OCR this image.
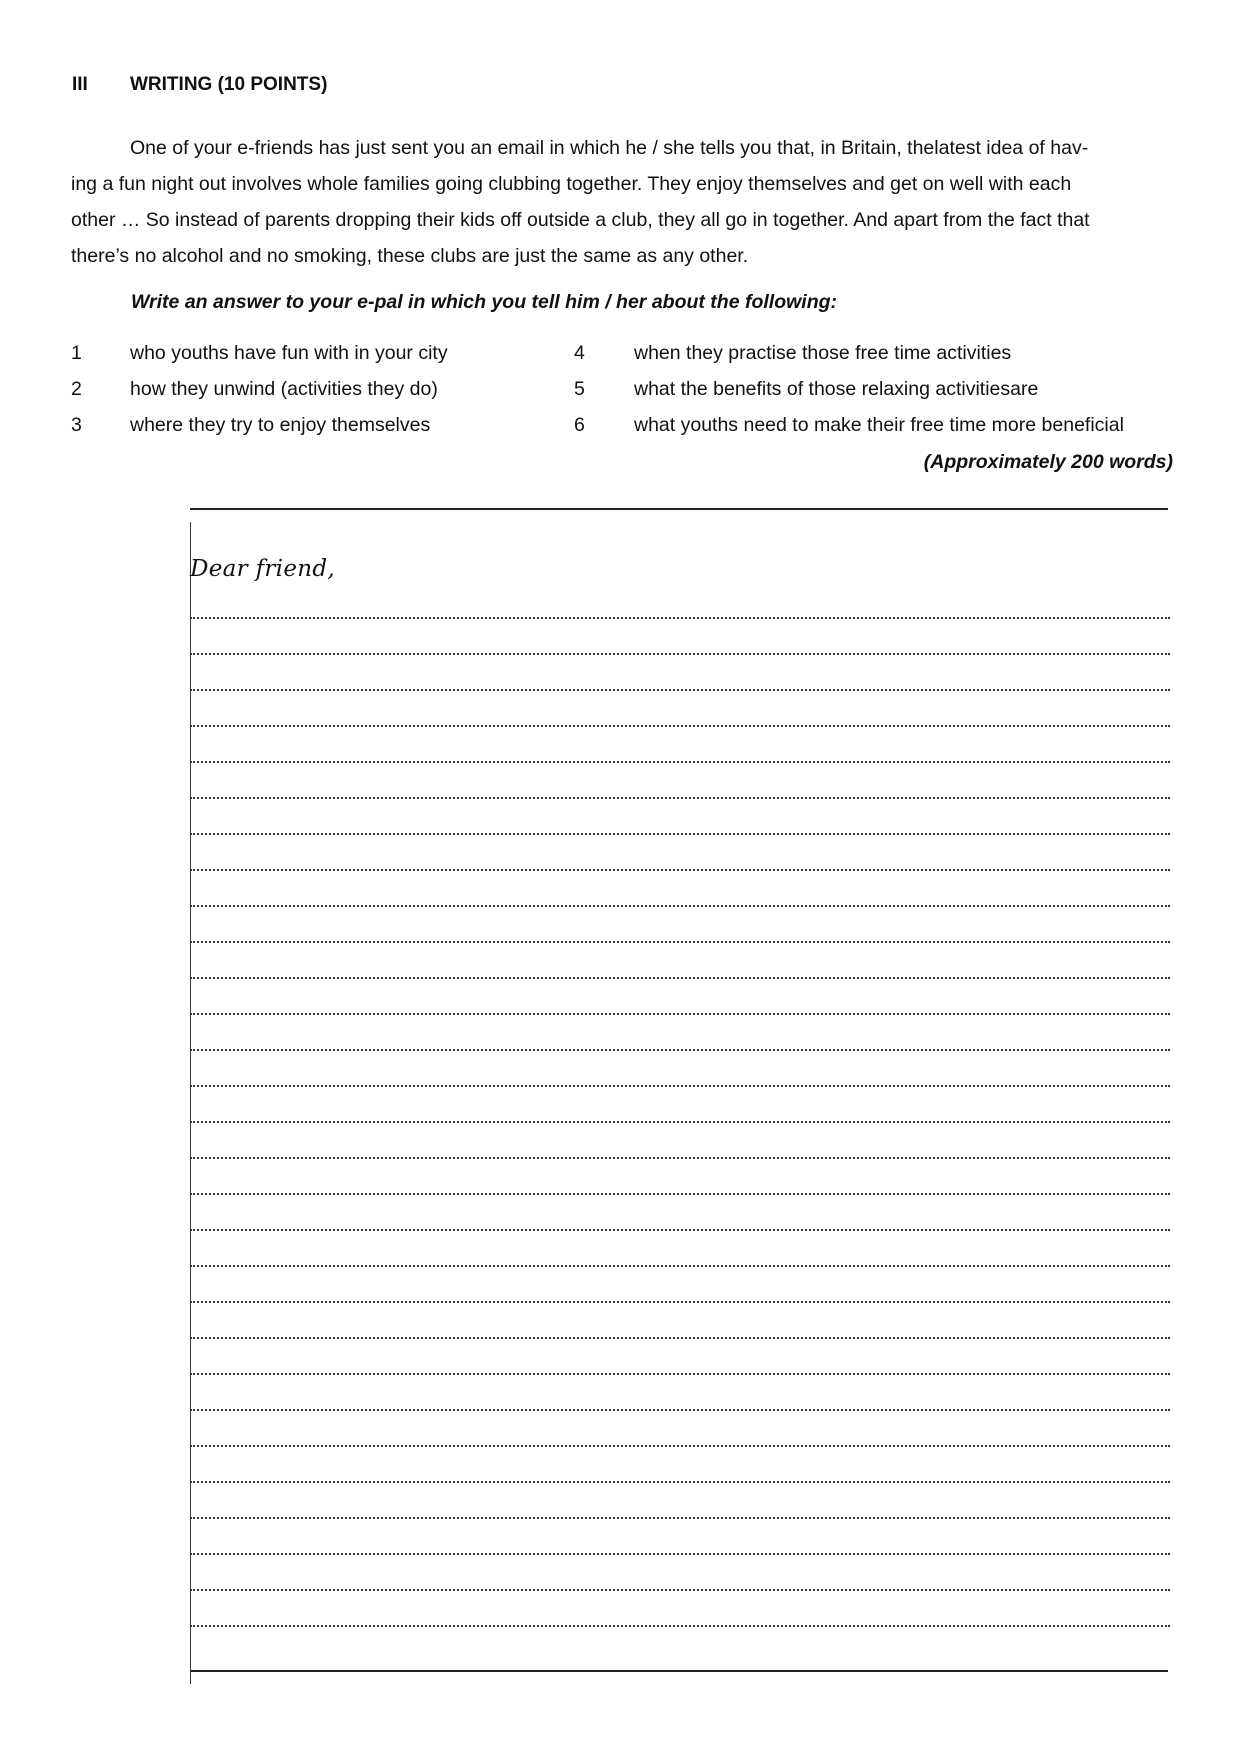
III WRITING (10 POINTS)

One of your e-friends has just sent you an email in which he / she tells you that, in Britain, thelatest idea of hav-
ing a fun night out involves whole families going clubbing together. They enjoy themselves and get on well with each
other … So instead of parents dropping their kids off outside a club, they all go in together. And apart from the fact that
there’s no alcohol and no smoking, these clubs are just the same as any other.

Write an answer to your e-pal in which you tell him / her about the following:
1 who youths have fun with in your city
2 how they unwind (activities they do)
3 where they try to enjoy themselves
4	when they practise those free time activities
5	what the benefits of those relaxing activitiesare
6	what youths need to make their free time more beneficial
(Approximately 200 words)
Dear friend,
